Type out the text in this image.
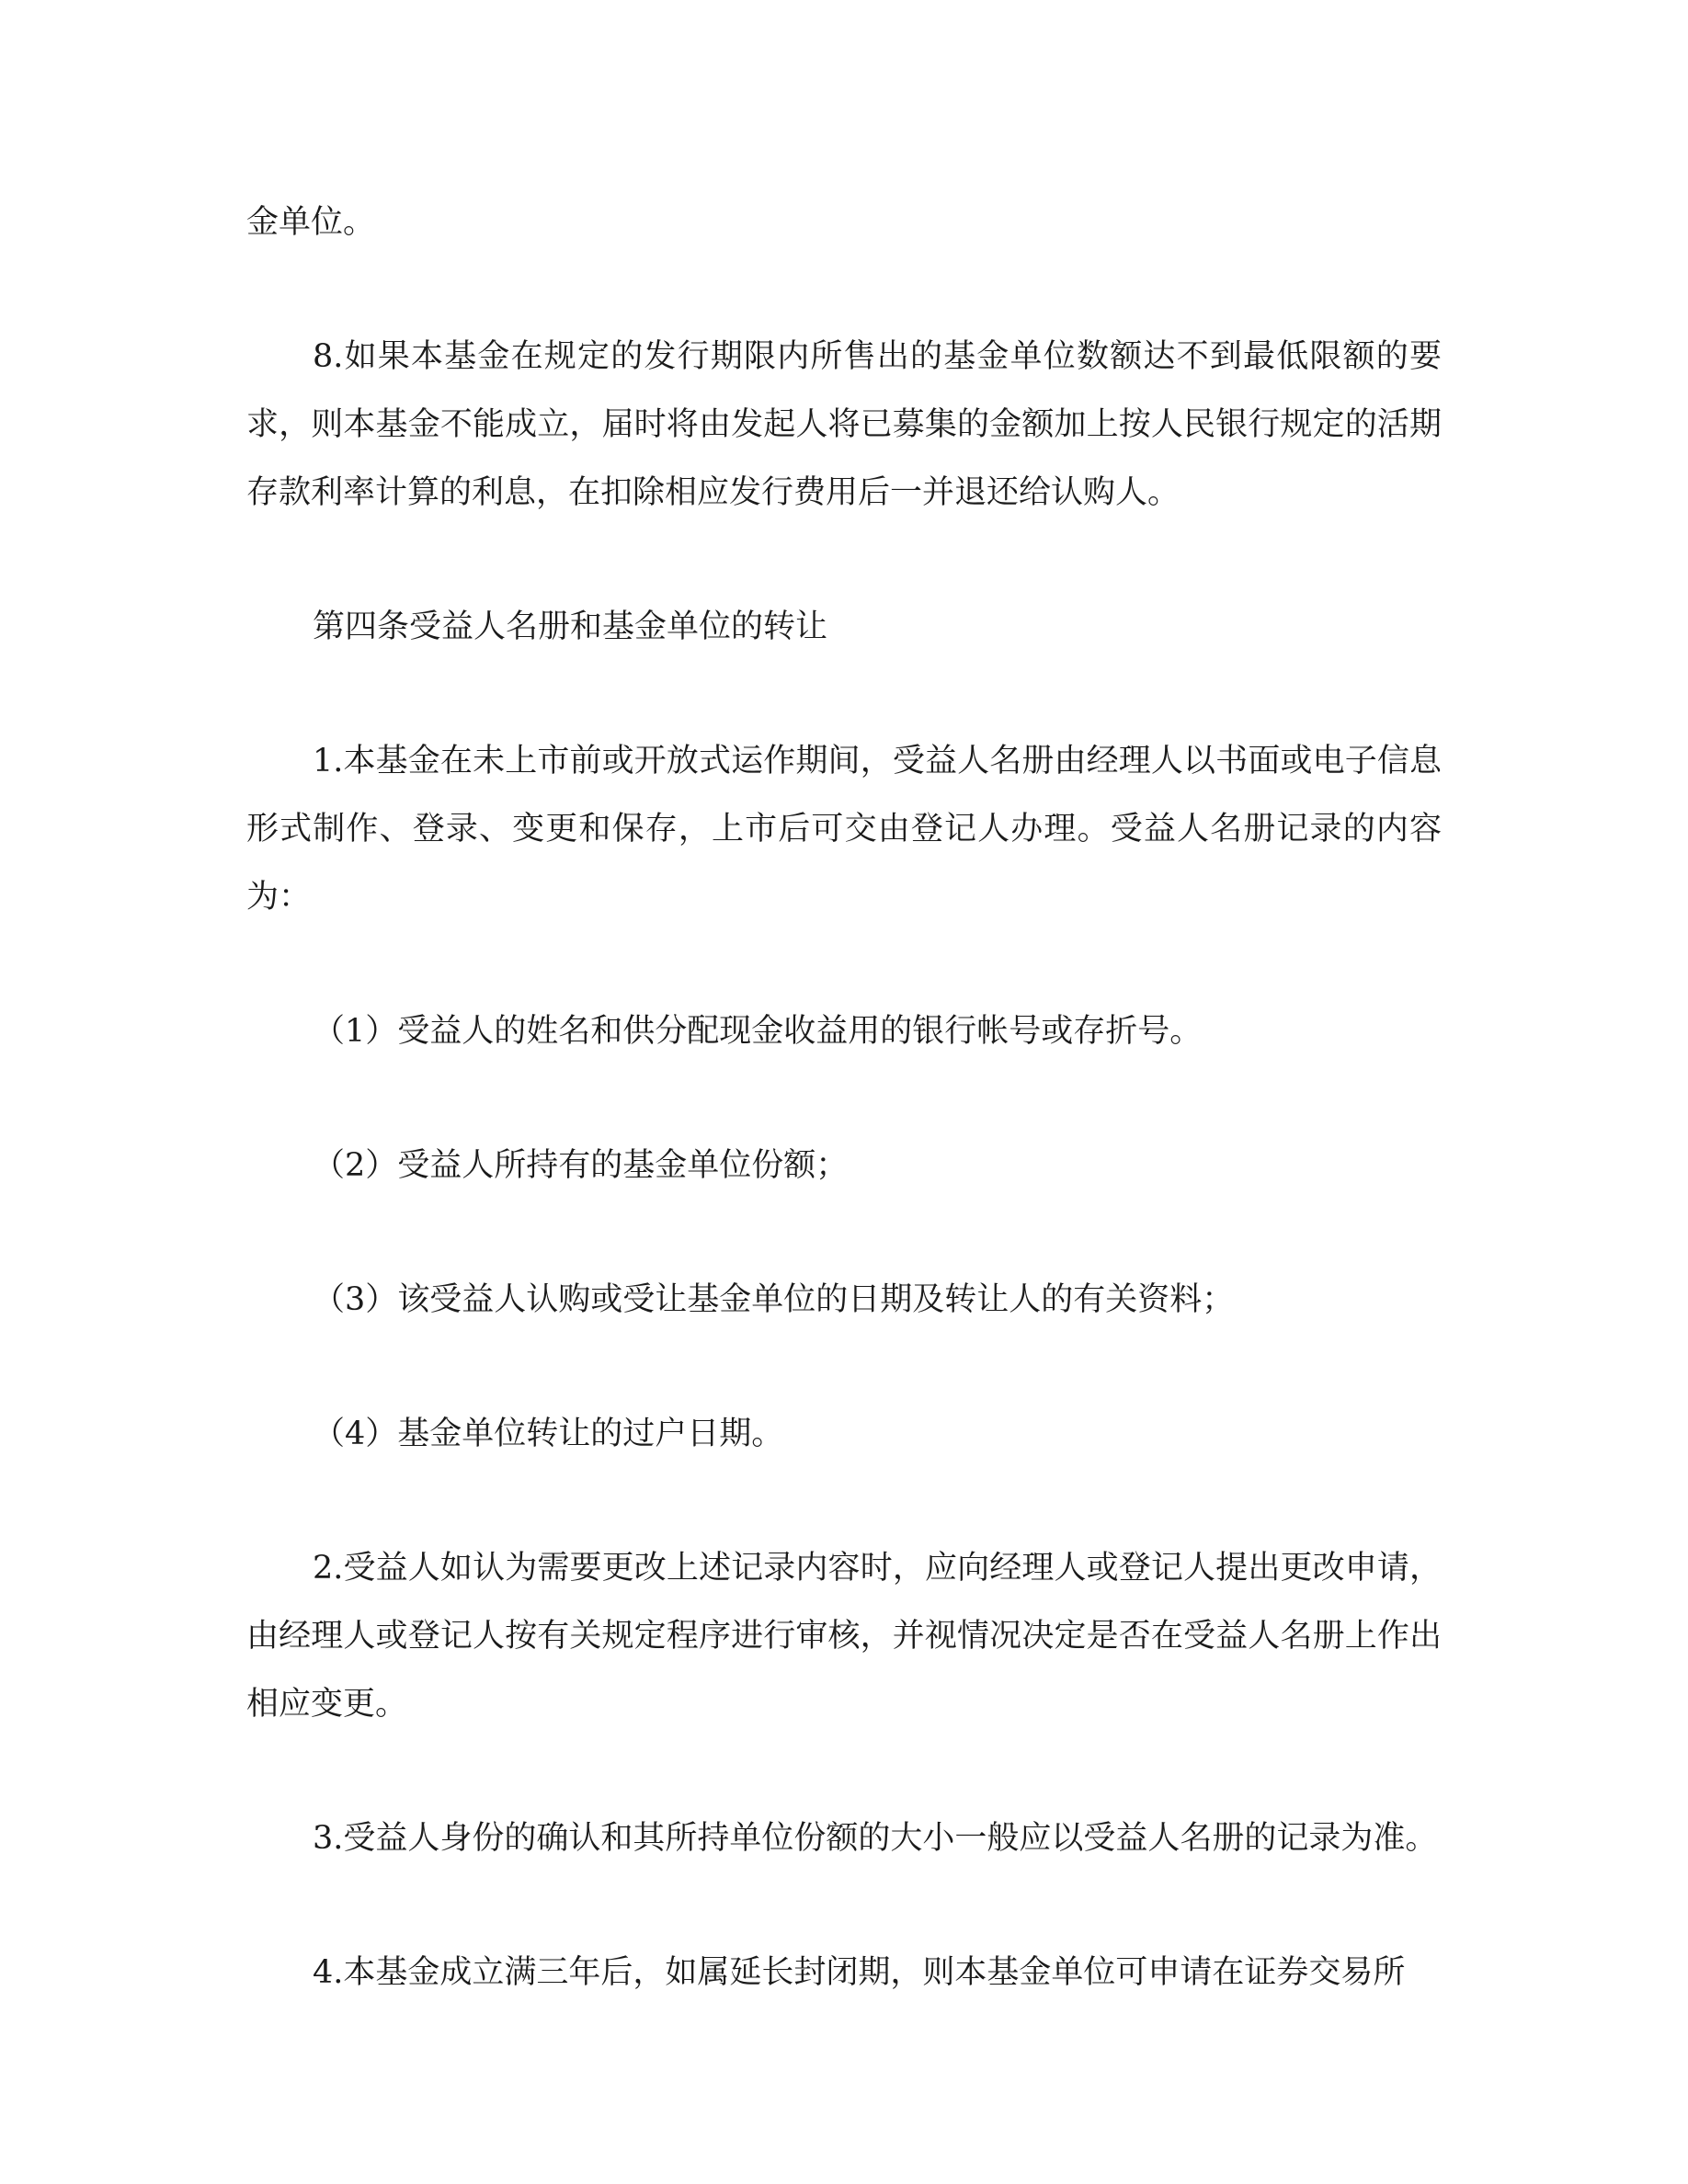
金单位。

8.如果本基金在规定的发行期限内所售出的基金单位数额达不到最低限额的要求，则本基金不能成立，届时将由发起人将已募集的金额加上按人民银行规定的活期存款利率计算的利息，在扣除相应发行费用后一并退还给认购人。

第四条受益人名册和基金单位的转让

1.本基金在未上市前或开放式运作期间，受益人名册由经理人以书面或电子信息形式制作、登录、变更和保存，上市后可交由登记人办理。受益人名册记录的内容为：

（1）受益人的姓名和供分配现金收益用的银行帐号或存折号。

（2）受益人所持有的基金单位份额；

（3）该受益人认购或受让基金单位的日期及转让人的有关资料；

（4）基金单位转让的过户日期。

2.受益人如认为需要更改上述记录内容时，应向经理人或登记人提出更改申请，由经理人或登记人按有关规定程序进行审核，并视情况决定是否在受益人名册上作出相应变更。

3.受益人身份的确认和其所持单位份额的大小一般应以受益人名册的记录为准。

4.本基金成立满三年后，如属延长封闭期，则本基金单位可申请在证券交易所
